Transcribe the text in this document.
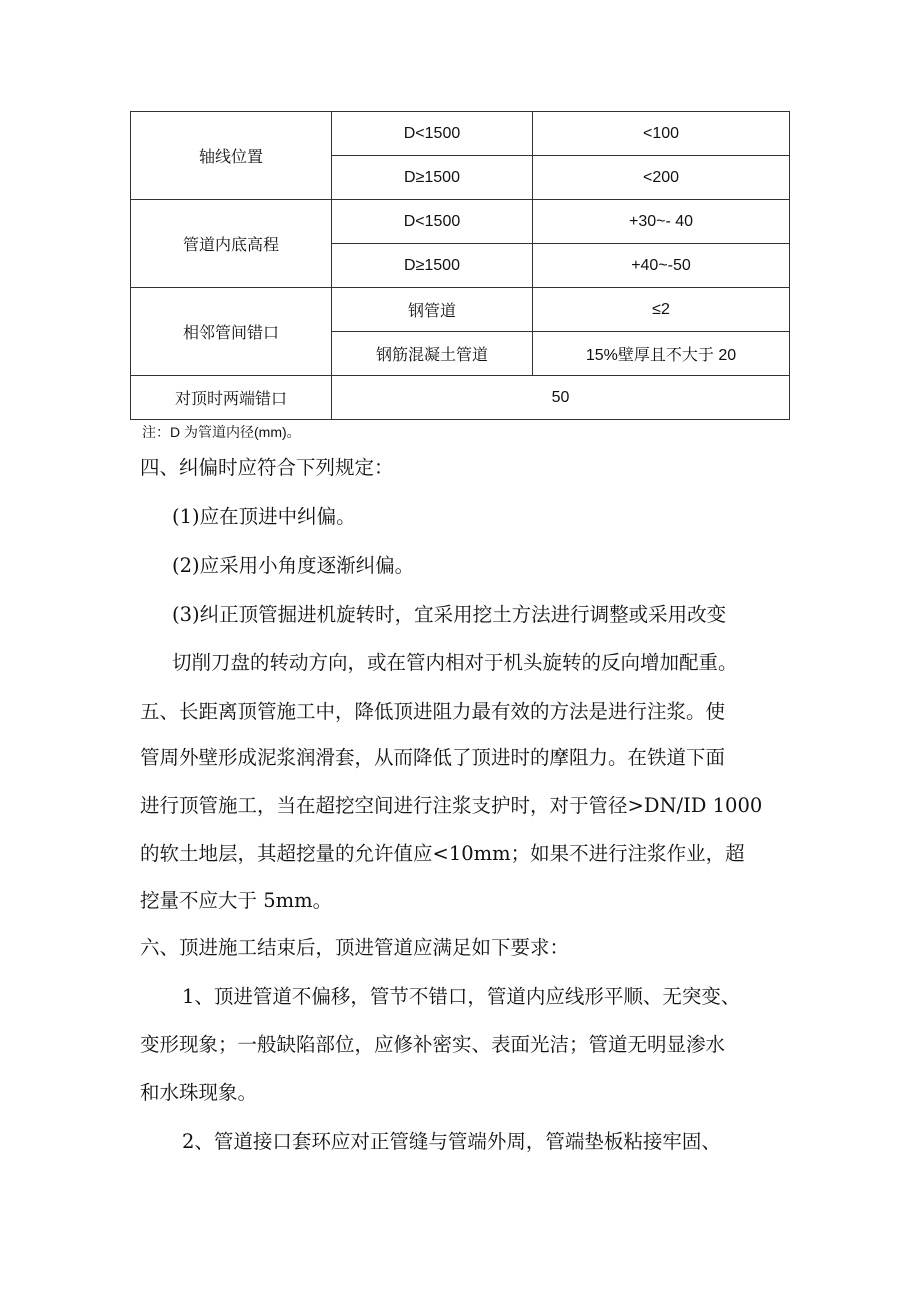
轴线位置	D<1500	<100
	D≥1500	<200
管道内底高程	D<1500	+30~- 40
	D≥1500	+40~-50
相邻管间错口	钢管道	≤2
	钢筋混凝土管道	15%壁厚且不大于 20
对顶时两端错口	50	
注：D 为管道内径(mm)。
四、纠偏时应符合下列规定：
(1)应在顶进中纠偏。
(2)应采用小角度逐渐纠偏。
(3)纠正顶管掘进机旋转时，宜采用挖土方法进行调整或采用改变
切削刀盘的转动方向，或在管内相对于机头旋转的反向增加配重。
五、长距离顶管施工中，降低顶进阻力最有效的方法是进行注浆。使
管周外壁形成泥浆润滑套，从而降低了顶进时的摩阻力。在铁道下面
进行顶管施工，当在超挖空间进行注浆支护时，对于管径>DN/ID 1000
的软土地层，其超挖量的允许值应<10mm；如果不进行注浆作业，超
挖量不应大于 5mm。
六、顶进施工结束后，顶进管道应满足如下要求：
1、顶进管道不偏移，管节不错口，管道内应线形平顺、无突变、
变形现象；一般缺陷部位，应修补密实、表面光洁；管道无明显渗水
和水珠现象。
2、管道接口套环应对正管缝与管端外周，管端垫板粘接牢固、
